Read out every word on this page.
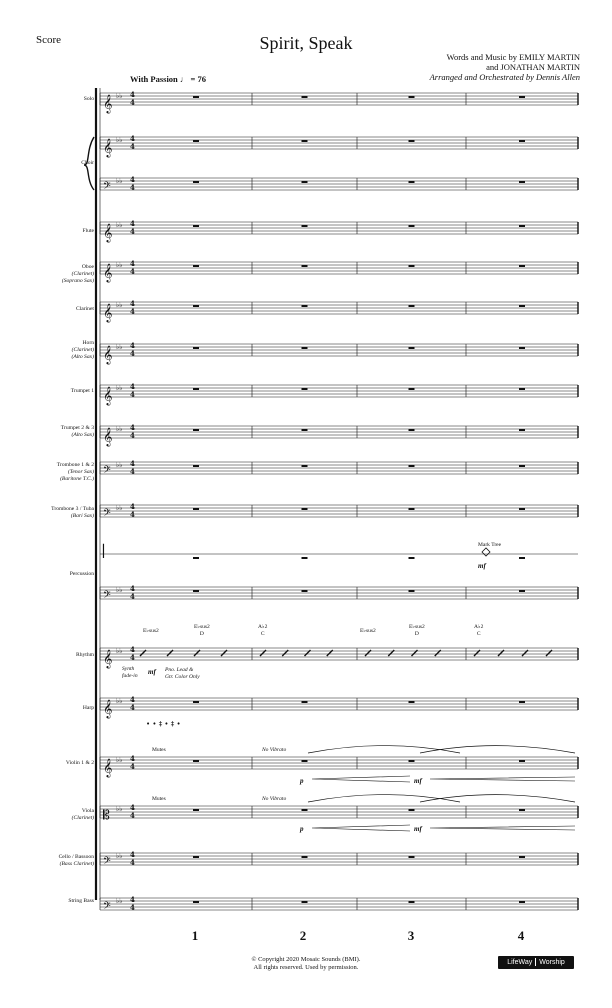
Score	Spirit, Speak
Words and Music by EMILY MARTIN
and JONATHAN MARTIN
Arranged and Orchestrated by Dennis Allen
With Passion ♩ = 76
𝄞 ♭♭
4
4
𝄞 ♭♭
4
4
𝄢 ♭♭
4
4
𝄞 ♭♭
4
4
𝄞 ♭♭
4
4
𝄞 ♭♭
4
4
𝄞 ♭♭
4
4
𝄞 ♭♭
4
4
𝄞 ♭♭
4
4
𝄢 ♭♭
4
4
𝄢 ♭♭
4
4
▏
𝄢 ♭♭
4
4
𝄞 ♭♭
4
4
𝄞 ♭♭
4
4
𝄞 ♭♭
4
4
𝄡 ♭♭
4
4
𝄢 ♭♭
4
4
𝄢 ♭♭
4
4
• • ‡ • ‡ •
Solo
Choir
Flute
Oboe
(Clarinet)
(Soprano Sax)
Clarinet
Horn
(Clarinet)
(Alto Sax)
Trumpet 1
Trumpet 2 & 3
(Alto Sax)
Trombone 1 & 2
(Tenor Sax)
(Baritone T.C.)
Trombone 3 / Tuba
(Bari Sax)
Percussion
Rhythm
Harp
Violin 1 & 2
Viola
(Clarinet)
Cello / Bassoon
(Bass Clarinet)
String Bass
E♭sus2
E♭sus2
D
A♭2
C	E♭sus2
E♭sus2
D
A♭2
C
Mark Tree
mf
Synth
fade-in mf Pno. Lead &
Gtr. Color Only
Mutes	No Vibrato
Mutes	No Vibrato
p	mf
p	mf
1	2	3	4
© Copyright 2020 Mosaic Sounds (BMI).
All rights reserved. Used by permission.
LifeWay Worship
